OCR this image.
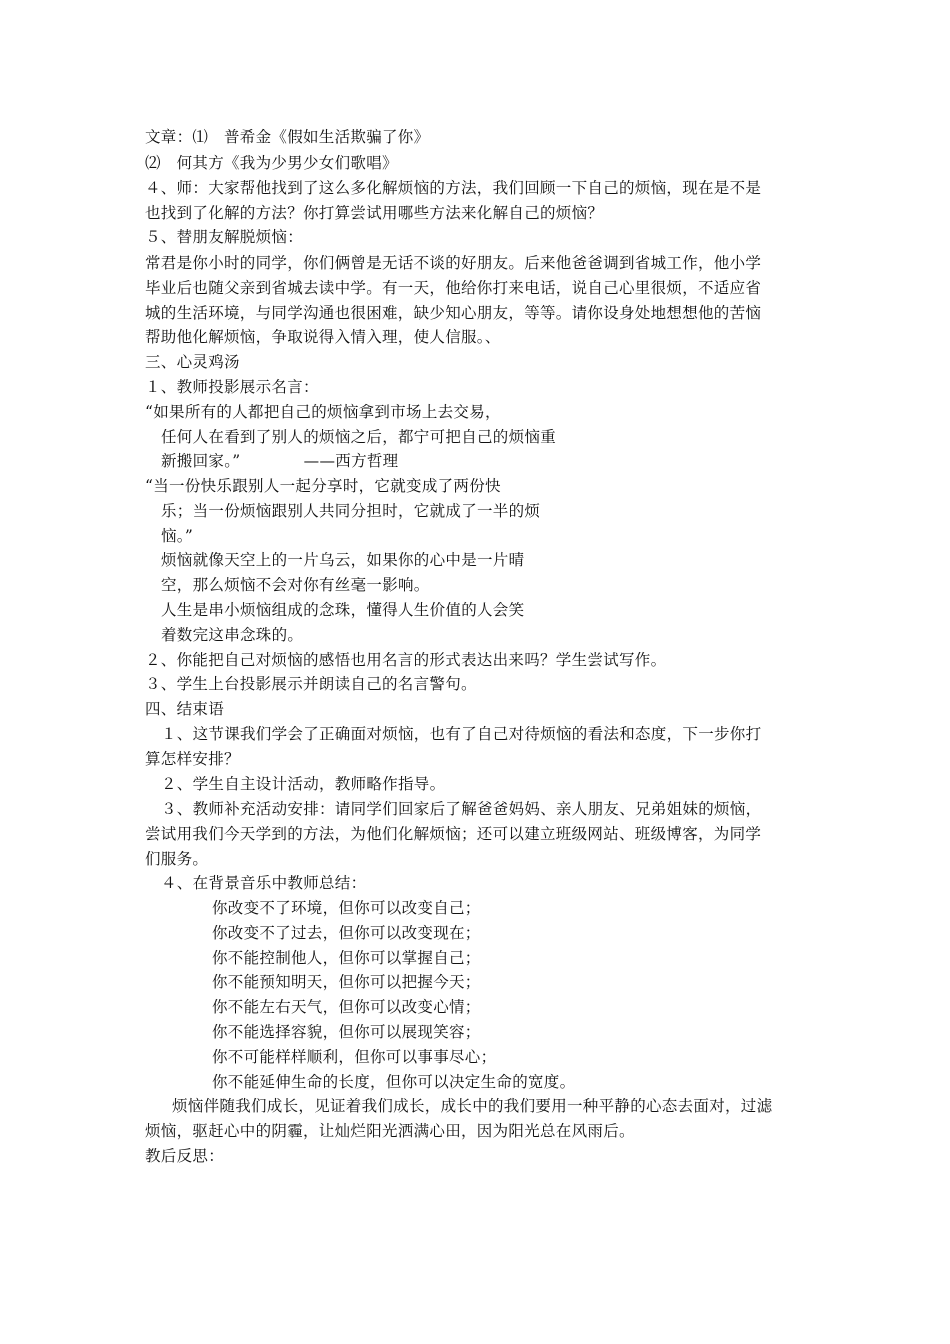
文章：⑴　普希金《假如生活欺骗了你》
⑵　何其方《我为少男少女们歌唱》
４、师：大家帮他找到了这么多化解烦恼的方法，我们回顾一下自己的烦恼，现在是不是
也找到了化解的方法？你打算尝试用哪些方法来化解自己的烦恼？
５、替朋友解脱烦恼：
常君是你小时的同学，你们俩曾是无话不谈的好朋友。后来他爸爸调到省城工作，他小学
毕业后也随父亲到省城去读中学。有一天，他给你打来电话，说自己心里很烦，不适应省
城的生活环境，与同学沟通也很困难，缺少知心朋友，等等。请你设身处地想想他的苦恼
帮助他化解烦恼，争取说得入情入理，使人信服。、
三、心灵鸡汤
１、教师投影展示名言：
“如果所有的人都把自己的烦恼拿到市场上去交易，
任何人在看到了别人的烦恼之后，都宁可把自己的烦恼重
新搬回家。”　　　　——西方哲理
“当一份快乐跟别人一起分享时，它就变成了两份快
乐；当一份烦恼跟别人共同分担时，它就成了一半的烦
恼。”
烦恼就像天空上的一片乌云，如果你的心中是一片晴
空，那么烦恼不会对你有丝毫一影响。
人生是串小烦恼组成的念珠，懂得人生价值的人会笑
着数完这串念珠的。
２、你能把自己对烦恼的感悟也用名言的形式表达出来吗？学生尝试写作。
３、学生上台投影展示并朗读自己的名言警句。
四、结束语
１、这节课我们学会了正确面对烦恼，也有了自己对待烦恼的看法和态度，下一步你打
算怎样安排？
２、学生自主设计活动，教师略作指导。
３、教师补充活动安排：请同学们回家后了解爸爸妈妈、亲人朋友、兄弟姐妹的烦恼，
尝试用我们今天学到的方法，为他们化解烦恼；还可以建立班级网站、班级博客，为同学
们服务。
４、在背景音乐中教师总结：
你改变不了环境，但你可以改变自己；
你改变不了过去，但你可以改变现在；
你不能控制他人，但你可以掌握自己；
你不能预知明天，但你可以把握今天；
你不能左右天气，但你可以改变心情；
你不能选择容貌，但你可以展现笑容；
你不可能样样顺利，但你可以事事尽心；
你不能延伸生命的长度，但你可以决定生命的宽度。
烦恼伴随我们成长，见证着我们成长，成长中的我们要用一种平静的心态去面对，过滤
烦恼，驱赶心中的阴霾，让灿烂阳光洒满心田，因为阳光总在风雨后。
教后反思：
